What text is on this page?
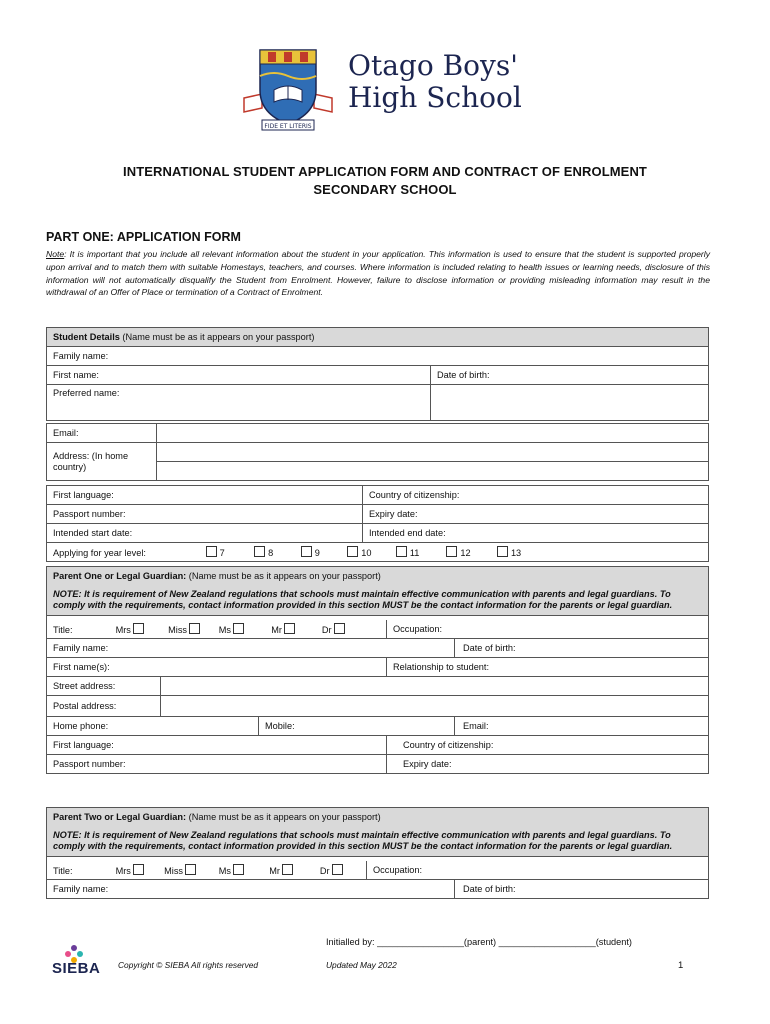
FIDE ET LITERIS
Otago Boys'
High School
INTERNATIONAL STUDENT APPLICATION FORM AND CONTRACT OF ENROLMENT
SECONDARY SCHOOL
PART ONE: APPLICATION FORM
Note: It is important that you include all relevant information about the student in your application. This information is used to ensure that the student is supported properly upon arrival and to match them with suitable Homestays, teachers, and courses. Where information is included relating to health issues or learning needs, disclosure of this information will not automatically disqualify the Student from Enrolment. However, failure to disclose information or providing misleading information may result in the withdrawal of an Offer of Place or termination of a Contract of Enrolment.
Student Details (Name must be as it appears on your passport)			
Family name:			
First name:			Date of birth:
Preferred name:			

Email:			
Address: (In home country)			

First language:		Country of citizenship:	
Passport number:		Expiry date:	
Intended start date:		Intended end date:	
Applying for year level: 7 8 9 10 11 12 13			
Parent One or Legal Guardian: (Name must be as it appears on your passport)				
NOTE: It is requirement of New Zealand regulations that schools must maintain effective communication with parents and legal guardians. To comply with the requirements, contact information provided in this section MUST be the contact information for the parents or legal guardian.				

Title: Mrs Miss Ms Mr Dr			Occupation:	
Family name:				Date of birth:
First name(s):			Relationship to student:	
Street address:				
Postal address:				
Home phone:		Mobile:		Email:
First language:			Country of citizenship:	
Passport number:			Expiry date:	
Parent Two or Legal Guardian: (Name must be as it appears on your passport)		
NOTE: It is requirement of New Zealand regulations that schools must maintain effective communication with parents and legal guardians. To comply with the requirements, contact information provided in this section MUST be the contact information for the parents or legal guardian.		

Title: Mrs Miss Ms Mr Dr	Occupation:	
Family name:		Date of birth:
Initialled by: _________________(parent) ___________________(student)
SIEBA Copyright © SIEBA All rights reserved	Updated May 2022	1
